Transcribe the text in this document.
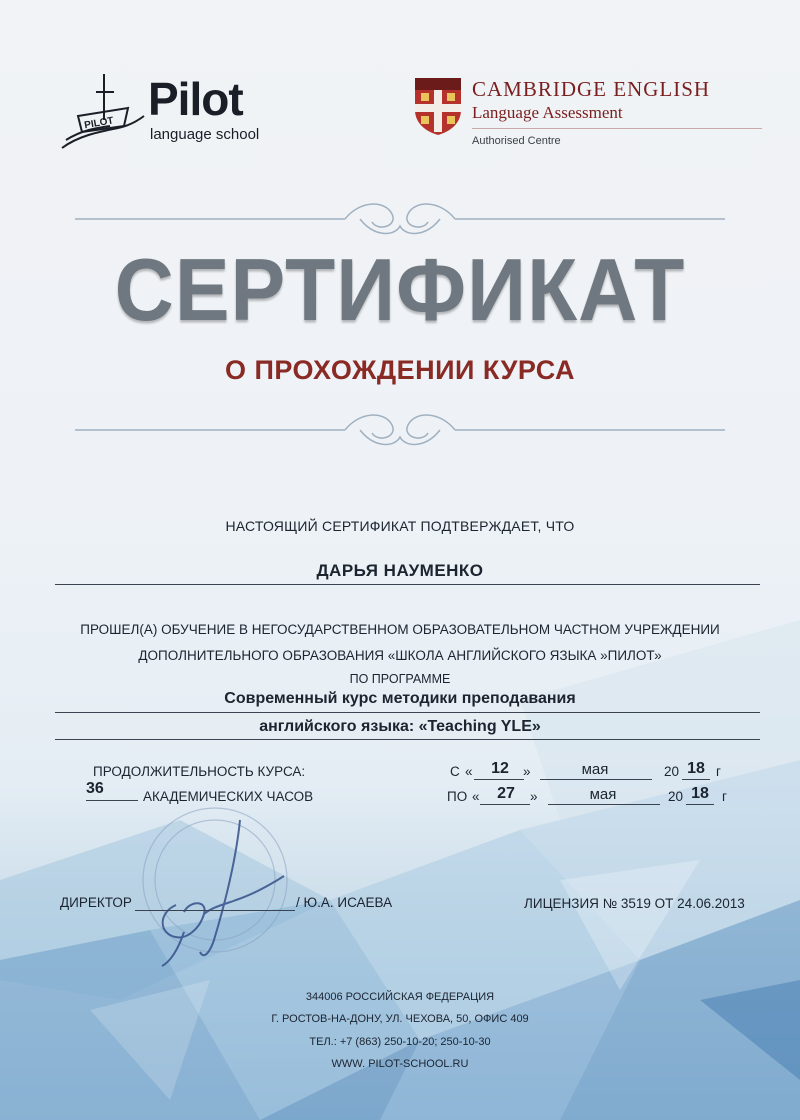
PILOT Pilot
language school
CAMBRIDGE ENGLISH
Language Assessment
Authorised Centre
СЕРТИФИКАТ
О ПРОХОЖДЕНИИ КУРСА
НАСТОЯЩИЙ СЕРТИФИКАТ ПОДТВЕРЖДАЕТ, ЧТО
ДАРЬЯ НАУМЕНКО
ПРОШЕЛ(А) ОБУЧЕНИЕ В НЕГОСУДАРСТВЕННОМ ОБРАЗОВАТЕЛЬНОМ ЧАСТНОМ УЧРЕЖДЕНИИ
ДОПОЛНИТЕЛЬНОГО ОБРАЗОВАНИЯ «ШКОЛА АНГЛИЙСКОГО ЯЗЫКА »ПИЛОТ»
ПО ПРОГРАММЕ
Современный курс методики преподавания
английского языка: «Teaching YLE»
ПРОДОЛЖИТЕЛЬНОСТЬ КУРСА:
36	АКАДЕМИЧЕСКИХ ЧАСОВ
С «	12	»	мая	20 18 г
ПО «	27	»	мая	20 18 г
ДИРЕКТОР	/ Ю.А. ИСАЕВА	ЛИЦЕНЗИЯ № 3519 ОТ 24.06.2013
344006 РОССИЙСКАЯ ФЕДЕРАЦИЯ
Г. РОСТОВ-НА-ДОНУ, УЛ. ЧЕХОВА, 50, ОФИС 409
ТЕЛ.: +7 (863) 250-10-20; 250-10-30
WWW. PILOT-SCHOOL.RU
